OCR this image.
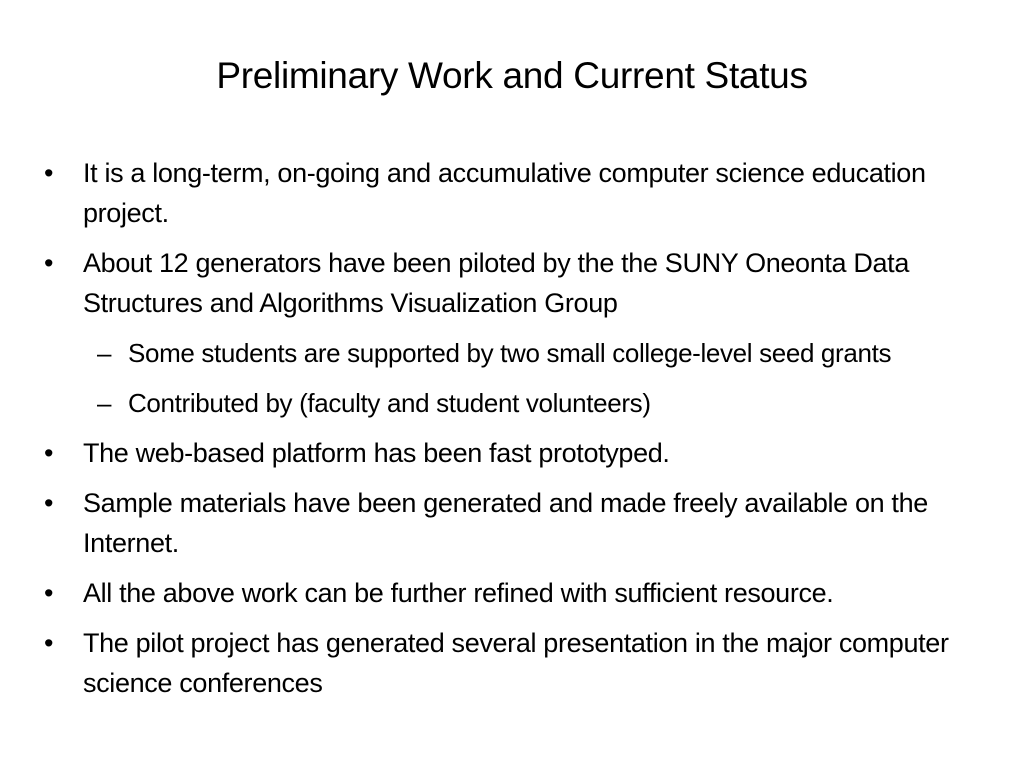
Preliminary Work and Current Status
•	It is a long-term, on-going and accumulative computer science education project.
•	About 12 generators have been piloted by the the SUNY Oneonta Data Structures and Algorithms Visualization Group
– Some students are supported by two small college-level seed grants
– Contributed by (faculty and student volunteers)
•	The web-based platform has been fast prototyped.
•	Sample materials have been generated and made freely available on the Internet.
•	All the above work can be further refined with sufficient resource.
•	The pilot project has generated several presentation in the major computer science conferences
